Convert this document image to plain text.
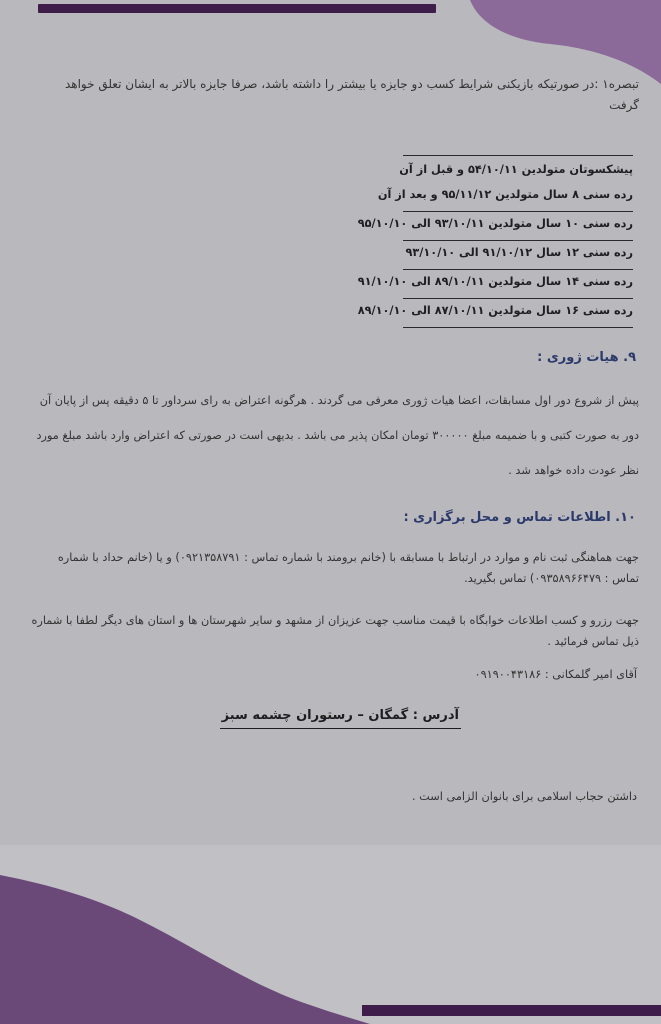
تبصره۱ :در صورتیکه بازیکنی شرایط کسب دو جایزه یا بیشتر را داشته باشد، صرفا جایزه بالاتر به ایشان تعلق خواهد گرفت
پیشکسوتان متولدین ۵۴/۱۰/۱۱ و قبل از آن
رده سنی ۸ سال متولدین ۹۵/۱۱/۱۲ و بعد از آن
رده سنی ۱۰ سال متولدین ۹۳/۱۰/۱۱ الی ۹۵/۱۰/۱۰
رده سنی ۱۲ سال ۹۱/۱۰/۱۲ الی ۹۳/۱۰/۱۰
رده سنی ۱۴ سال متولدین ۸۹/۱۰/۱۱ الی ۹۱/۱۰/۱۰
رده سنی ۱۶ سال متولدین ۸۷/۱۰/۱۱ الی ۸۹/۱۰/۱۰
۹. هیات ژوری :
پیش از شروع دور اول مسابقات، اعضا هیات ژوری معرفی می گردند . هرگونه اعتراض به رای سرداور تا ۵ دقیقه پس از پایان آن دور به صورت کتبی و با ضمیمه مبلغ ۳۰۰۰۰۰ تومان امکان پذیر می باشد . بدیهی است در صورتی که اعتراض وارد باشد مبلغ مورد نظر عودت داده خواهد شد .
۱۰. اطلاعات تماس و محل برگزاری :
جهت هماهنگی ثبت نام و موارد در ارتباط با مسابقه با (خانم برومند با شماره تماس : ۰۹۲۱۳۵۸۷۹۱) و یا (خانم حداد با شماره تماس : ۰۹۳۵۸۹۶۶۴۷۹) تماس بگیرید.
جهت رزرو و کسب اطلاعات خوابگاه با قیمت مناسب جهت عزیزان از مشهد و سایر شهرستان ها و استان های دیگر لطفا با شماره ذیل تماس فرمائید .
آقای امیر گلمکانی : ۰۹۱۹۰۰۴۳۱۸۶
آدرس : گمگان – رستوران چشمه سبز
داشتن حجاب اسلامی برای بانوان الزامی است .
